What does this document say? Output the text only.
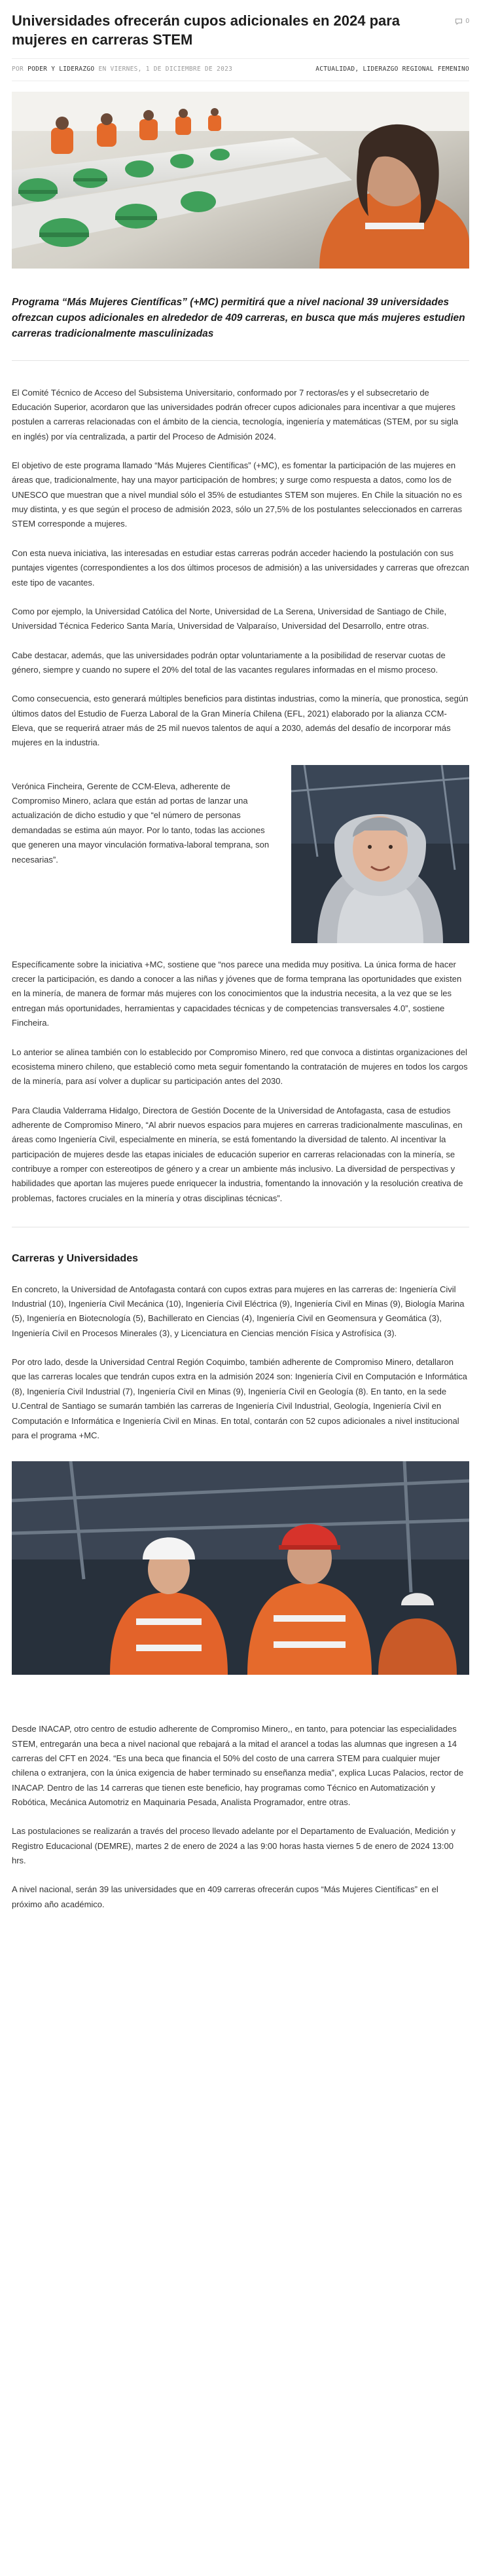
Universidades ofrecerán cupos adicionales en 2024 para mujeres en carreras STEM
0
POR PODER Y LIDERAZGO EN VIERNES, 1 DE DICIEMBRE DE 2023	ACTUALIDAD, LIDERAZGO REGIONAL FEMENINO

Programa “Más Mujeres Científicas” (+MC) permitirá que a nivel nacional 39 universidades ofrezcan cupos adicionales en alrededor de 409 carreras, en busca que más mujeres estudien carreras tradicionalmente masculinizadas

El Comité Técnico de Acceso del Subsistema Universitario, conformado por 7 rectoras/es y el subsecretario de Educación Superior, acordaron que las universidades podrán ofrecer cupos adicionales para incentivar a que mujeres postulen a carreras relacionadas con el ámbito de la ciencia, tecnología, ingeniería y matemáticas (STEM, por su sigla en inglés) por vía centralizada, a partir del Proceso de Admisión 2024.

El objetivo de este programa llamado “Más Mujeres Científicas” (+MC), es fomentar la participación de las mujeres en áreas que, tradicionalmente, hay una mayor participación de hombres; y surge como respuesta a datos, como los de UNESCO que muestran que a nivel mundial sólo el 35% de estudiantes STEM son mujeres. En Chile la situación no es muy distinta, y es que según el proceso de admisión 2023, sólo un 27,5% de los postulantes seleccionados en carreras STEM corresponde a mujeres.

Con esta nueva iniciativa, las interesadas en estudiar estas carreras podrán acceder haciendo la postulación con sus puntajes vigentes (correspondientes a los dos últimos procesos de admisión) a las universidades y carreras que ofrezcan este tipo de vacantes.

Como por ejemplo, la Universidad Católica del Norte, Universidad de La Serena, Universidad de Santiago de Chile, Universidad Técnica Federico Santa María, Universidad de Valparaíso, Universidad del Desarrollo, entre otras.

Cabe destacar, además, que las universidades podrán optar voluntariamente a la posibilidad de reservar cuotas de género, siempre y cuando no supere el 20% del total de las vacantes regulares informadas en el mismo proceso.

Como consecuencia, esto generará múltiples beneficios para distintas industrias, como la minería, que pronostica, según últimos datos del Estudio de Fuerza Laboral de la Gran Minería Chilena (EFL, 2021) elaborado por la alianza CCM-Eleva, que se requerirá atraer más de 25 mil nuevos talentos de aquí a 2030, además del desafío de incorporar más mujeres en la industria.

Verónica Fincheira, Gerente de CCM-Eleva, adherente de Compromiso Minero, aclara que están ad portas de lanzar una actualización de dicho estudio y que “el número de personas demandadas se estima aún mayor. Por lo tanto, todas las acciones que generen una mayor vinculación formativa-laboral temprana, son necesarias”.

Específicamente sobre la iniciativa +MC, sostiene que “nos parece una medida muy positiva. La única forma de hacer crecer la participación, es dando a conocer a las niñas y jóvenes que de forma temprana las oportunidades que existen en la minería, de manera de formar más mujeres con los conocimientos que la industria necesita, a la vez que se les entregan más oportunidades, herramientas y capacidades técnicas y de competencias transversales 4.0”, sostiene Fincheira.

Lo anterior se alinea también con lo establecido por Compromiso Minero, red que convoca a distintas organizaciones del ecosistema minero chileno, que estableció como meta seguir fomentando la contratación de mujeres en todos los cargos de la minería, para así volver a duplicar su participación antes del 2030.

Para Claudia Valderrama Hidalgo, Directora de Gestión Docente de la Universidad de Antofagasta, casa de estudios adherente de Compromiso Minero, “Al abrir nuevos espacios para mujeres en carreras tradicionalmente masculinas, en áreas como Ingeniería Civil, especialmente en minería, se está fomentando la diversidad de talento. Al incentivar la participación de mujeres desde las etapas iniciales de educación superior en carreras relacionadas con la minería, se contribuye a romper con estereotipos de género y a crear un ambiente más inclusivo. La diversidad de perspectivas y habilidades que aportan las mujeres puede enriquecer la industria, fomentando la innovación y la resolución creativa de problemas, factores cruciales en la minería y otras disciplinas técnicas”.

Carreras y Universidades

En concreto, la Universidad de Antofagasta contará con cupos extras para mujeres en las carreras de: Ingeniería Civil Industrial (10), Ingeniería Civil Mecánica (10), Ingeniería Civil Eléctrica (9), Ingeniería Civil en Minas (9), Biología Marina (5), Ingeniería en Biotecnología (5), Bachillerato en Ciencias (4), Ingeniería Civil en Geomensura y Geomática (3), Ingeniería Civil en Procesos Minerales (3), y Licenciatura en Ciencias mención Física y Astrofísica (3).

Por otro lado, desde la Universidad Central Región Coquimbo, también adherente de Compromiso Minero, detallaron que las carreras locales que tendrán cupos extra en la admisión 2024 son: Ingeniería Civil en Computación e Informática (8), Ingeniería Civil Industrial (7), Ingeniería Civil en Minas (9), Ingeniería Civil en Geología (8). En tanto, en la sede U.Central de Santiago se sumarán también las carreras de Ingeniería Civil Industrial, Geología, Ingeniería Civil en Computación e Informática e Ingeniería Civil en Minas. En total, contarán con 52 cupos adicionales a nivel institucional para el programa +MC.

Desde INACAP, otro centro de estudio adherente de Compromiso Minero,, en tanto, para potenciar las especialidades STEM, entregarán una beca a nivel nacional que rebajará a la mitad el arancel a todas las alumnas que ingresen a 14 carreras del CFT en 2024. “Es una beca que financia el 50% del costo de una carrera STEM para cualquier mujer chilena o extranjera, con la única exigencia de haber terminado su enseñanza media”, explica Lucas Palacios, rector de INACAP. Dentro de las 14 carreras que tienen este beneficio, hay programas como Técnico en Automatización y Robótica, Mecánica Automotriz en Maquinaria Pesada, Analista Programador, entre otras.

Las postulaciones se realizarán a través del proceso llevado adelante por el Departamento de Evaluación, Medición y Registro Educacional (DEMRE), martes 2 de enero de 2024 a las 9:00 horas hasta viernes 5 de enero de 2024 13:00 hrs.

A nivel nacional, serán 39 las universidades que en 409 carreras ofrecerán cupos “Más Mujeres Científicas” en el próximo año académico.
